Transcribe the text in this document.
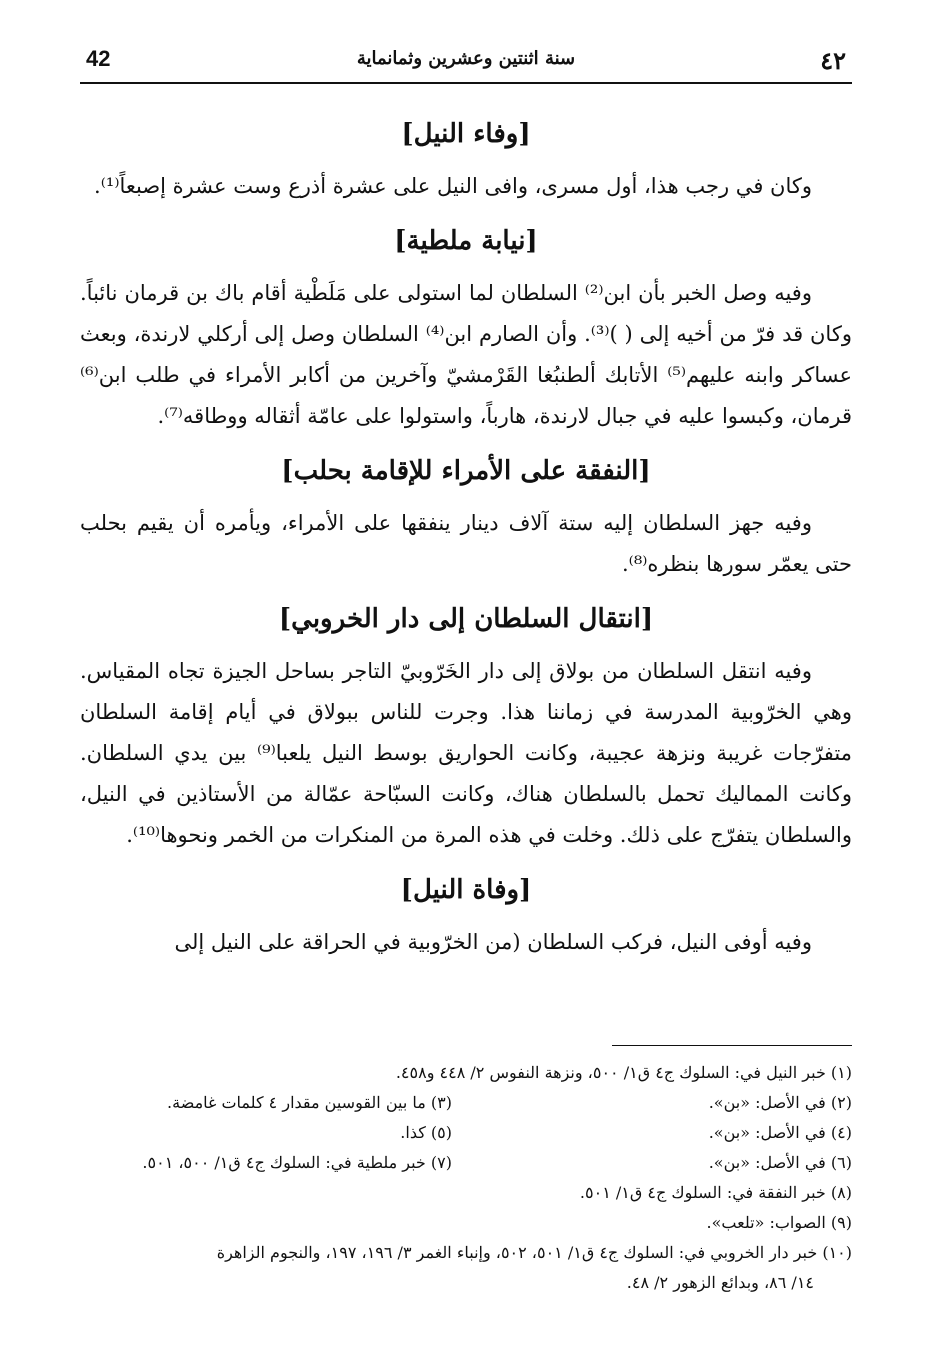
42	سنة اثنتين وعشرين وثمانماية	٤٢
[وفاء النيل]

وكان في رجب هذا، أول مسرى، وافى النيل على عشرة أذرع وست عشرة إصبعاً⁽¹⁾.

[نيابة ملطية]

وفيه وصل الخبر بأن ابن⁽²⁾ السلطان لما استولى على مَلَطْية أقام باك بن قرمان نائباً. وكان قد فرّ من أخيه إلى ( )⁽³⁾. وأن الصارم ابن⁽⁴⁾ السلطان وصل إلى أركلي لارندة، وبعث عساكر وابنه عليهم⁽⁵⁾ الأتابك ألطنبُغا القَرْمشيّ وآخرين من أكابر الأمراء في طلب ابن⁽⁶⁾ قرمان، وكبسوا عليه في جبال لارندة، هارباً، واستولوا على عامّة أثقاله ووطاقه⁽⁷⁾.

[النفقة على الأمراء للإقامة بحلب]

وفيه جهز السلطان إليه ستة آلاف دينار ينفقها على الأمراء، ويأمره أن يقيم بحلب حتى يعمّر سورها بنظره⁽⁸⁾.

[انتقال السلطان إلى دار الخروبي]

وفيه انتقل السلطان من بولاق إلى دار الخَرّوبيّ التاجر بساحل الجيزة تجاه المقياس. وهي الخرّوبية المدرسة في زماننا هذا. وجرت للناس ببولاق في أيام إقامة السلطان متفرّجات غريبة ونزهة عجيبة، وكانت الحواريق بوسط النيل يلعبا⁽⁹⁾ بين يدي السلطان. وكانت المماليك تحمل بالسلطان هناك، وكانت السبّاحة عمّالة من الأستاذين في النيل، والسلطان يتفرّج على ذلك. وخلت في هذه المرة من المنكرات من الخمر ونحوها⁽¹⁰⁾.

[وفاة النيل]

وفيه أوفى النيل، فركب السلطان (من الخرّوبية في الحراقة على النيل إلى

(١) خبر النيل في: السلوك ج٤ ق١/ ٥٠٠، ونزهة النفوس ٢/ ٤٤٨ و٤٥٨.
(٢) في الأصل: «بن».
(٣) ما بين القوسين مقدار ٤ كلمات غامضة.
(٤) في الأصل: «بن».
(٥) كذا.
(٦) في الأصل: «بن».
(٧) خبر ملطية في: السلوك ج٤ ق١/ ٥٠٠، ٥٠١.
(٨) خبر النفقة في: السلوك ج٤ ق١/ ٥٠١.
(٩) الصواب: «تلعب».
(١٠) خبر دار الخروبي في: السلوك ج٤ ق١/ ٥٠١، ٥٠٢، وإنباء الغمر ٣/ ١٩٦، ١٩٧، والنجوم الزاهرة
١٤/ ٨٦، وبدائع الزهور ٢/ ٤٨.
